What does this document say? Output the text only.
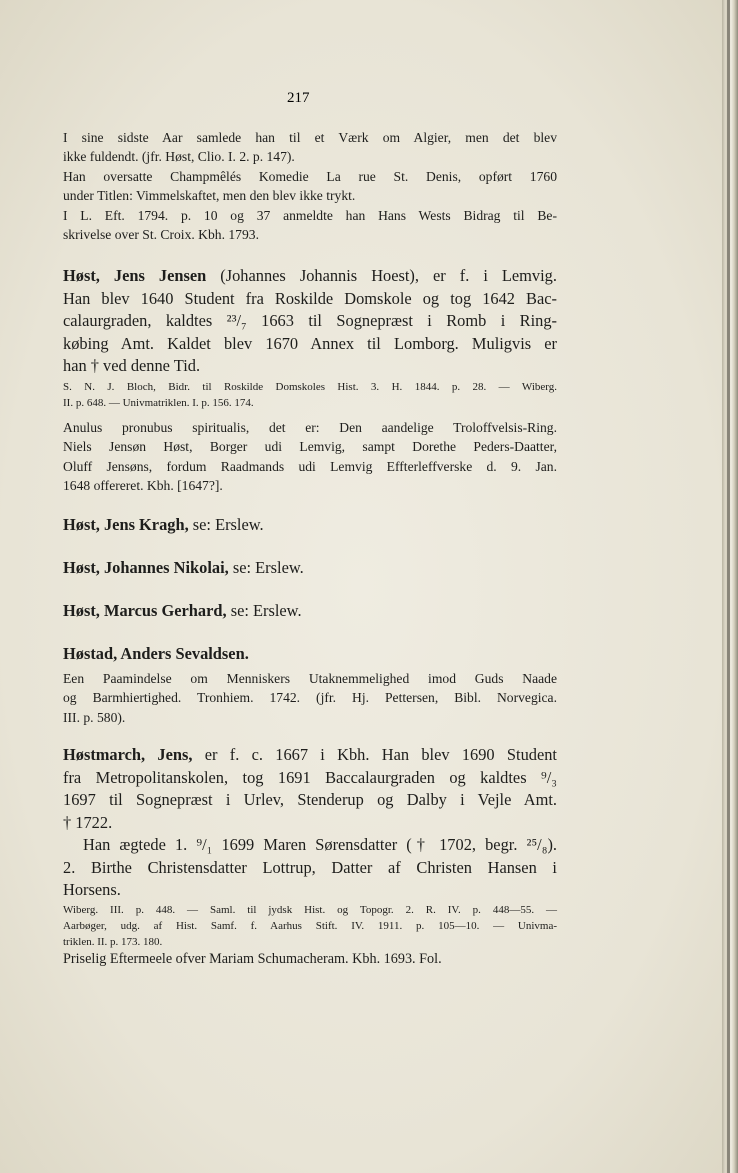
217

I sine sidste Aar samlede han til et Værk om Algier, men det blev

ikke fuldendt. (jfr. Høst, Clio. I. 2. p. 147).

Han oversatte Champmêlés Komedie La rue St. Denis, opført 1760

under Titlen: Vimmelskaftet, men den blev ikke trykt.

I L. Eft. 1794. p. 10 og 37 anmeldte han Hans Wests Bidrag til Be-

skrivelse over St. Croix. Kbh. 1793.

Høst, Jens Jensen (Johannes Johannis Hoest), er f. i Lemvig.

Han blev 1640 Student fra Roskilde Domskole og tog 1642 Bac-

calaurgraden, kaldtes ²³/₇ 1663 til Sognepræst i Romb i Ring-

købing Amt. Kaldet blev 1670 Annex til Lomborg. Muligvis er

han † ved denne Tid.

S. N. J. Bloch, Bidr. til Roskilde Domskoles Hist. 3. H. 1844. p. 28. — Wiberg.

II. p. 648. — Univmatriklen. I. p. 156. 174.

Anulus pronubus spiritualis, det er: Den aandelige Troloffvelsis-Ring.

Niels Jensøn Høst, Borger udi Lemvig, sampt Dorethe Peders-Daatter,

Oluff Jensøns, fordum Raadmands udi Lemvig Effterleffverske d. 9. Jan.

1648 offereret. Kbh. [1647?].

Høst, Jens Kragh, se: Erslew.

Høst, Johannes Nikolai, se: Erslew.

Høst, Marcus Gerhard, se: Erslew.

Høstad, Anders Sevaldsen.

Een Paamindelse om Menniskers Utaknemmelighed imod Guds Naade

og Barmhiertighed. Tronhiem. 1742. (jfr. Hj. Pettersen, Bibl. Norvegica.

III. p. 580).

Høstmarch, Jens, er f. c. 1667 i Kbh. Han blev 1690 Student

fra Metropolitanskolen, tog 1691 Baccalaurgraden og kaldtes ⁹/₃

1697 til Sognepræst i Urlev, Stenderup og Dalby i Vejle Amt.

† 1722.

Han ægtede 1. ⁹/₁ 1699 Maren Sørensdatter († 1702, begr. ²⁵/₈).

2. Birthe Christensdatter Lottrup, Datter af Christen Hansen i

Horsens.

Wiberg. III. p. 448. — Saml. til jydsk Hist. og Topogr. 2. R. IV. p. 448—55. —

Aarbøger, udg. af Hist. Samf. f. Aarhus Stift. IV. 1911. p. 105—10. — Univma-

triklen. II. p. 173. 180.

Priselig Eftermeele ofver Mariam Schumacheram. Kbh. 1693. Fol.
